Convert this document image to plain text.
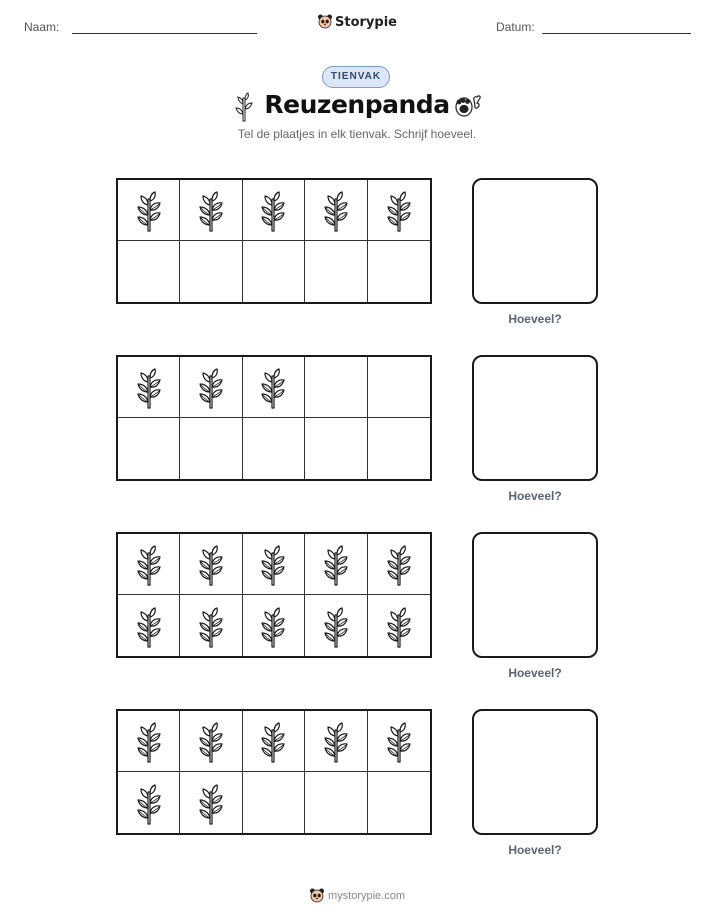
Naam:	Storypie	Datum:
TIENVAK
Reuzenpanda
Tel de plaatjes in elk tienvak. Schrijf hoeveel.
Hoeveel?
Hoeveel?
Hoeveel?
Hoeveel?
mystorypie.com
